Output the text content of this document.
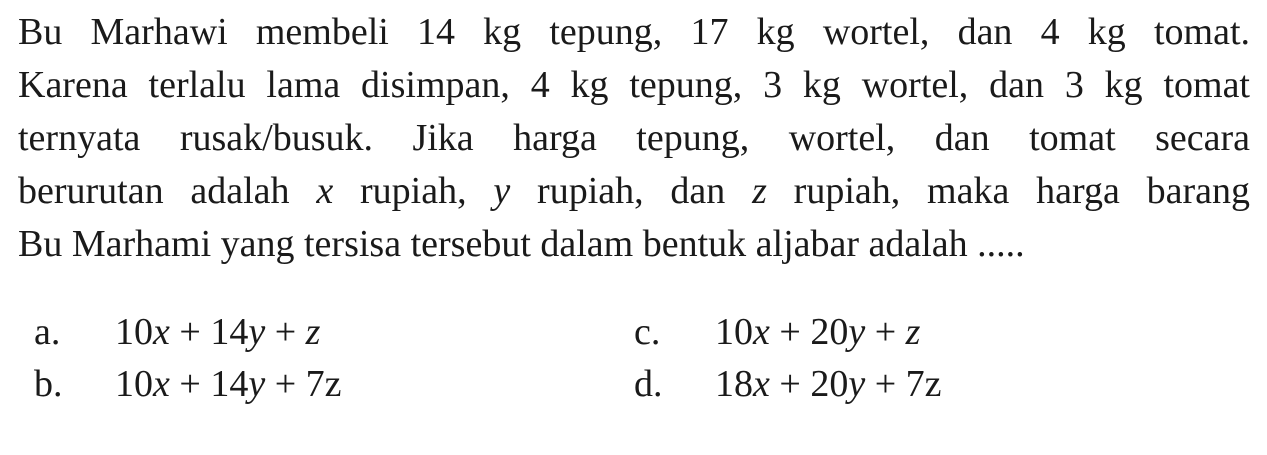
Bu Marhawi membeli 14 kg tepung, 17 kg wortel, dan 4 kg tomat.
Karena terlalu lama disimpan, 4 kg tepung, 3 kg wortel, dan 3 kg tomat
ternyata rusak/busuk. Jika harga tepung, wortel, dan tomat secara
berurutan adalah x rupiah, y rupiah, dan z rupiah, maka harga barang
Bu Marhami yang tersisa tersebut dalam bentuk aljabar adalah .....
a. 10x + 14y + z
b. 10x + 14y + 7z
c. 10x + 20y + z
d. 18x + 20y + 7z
